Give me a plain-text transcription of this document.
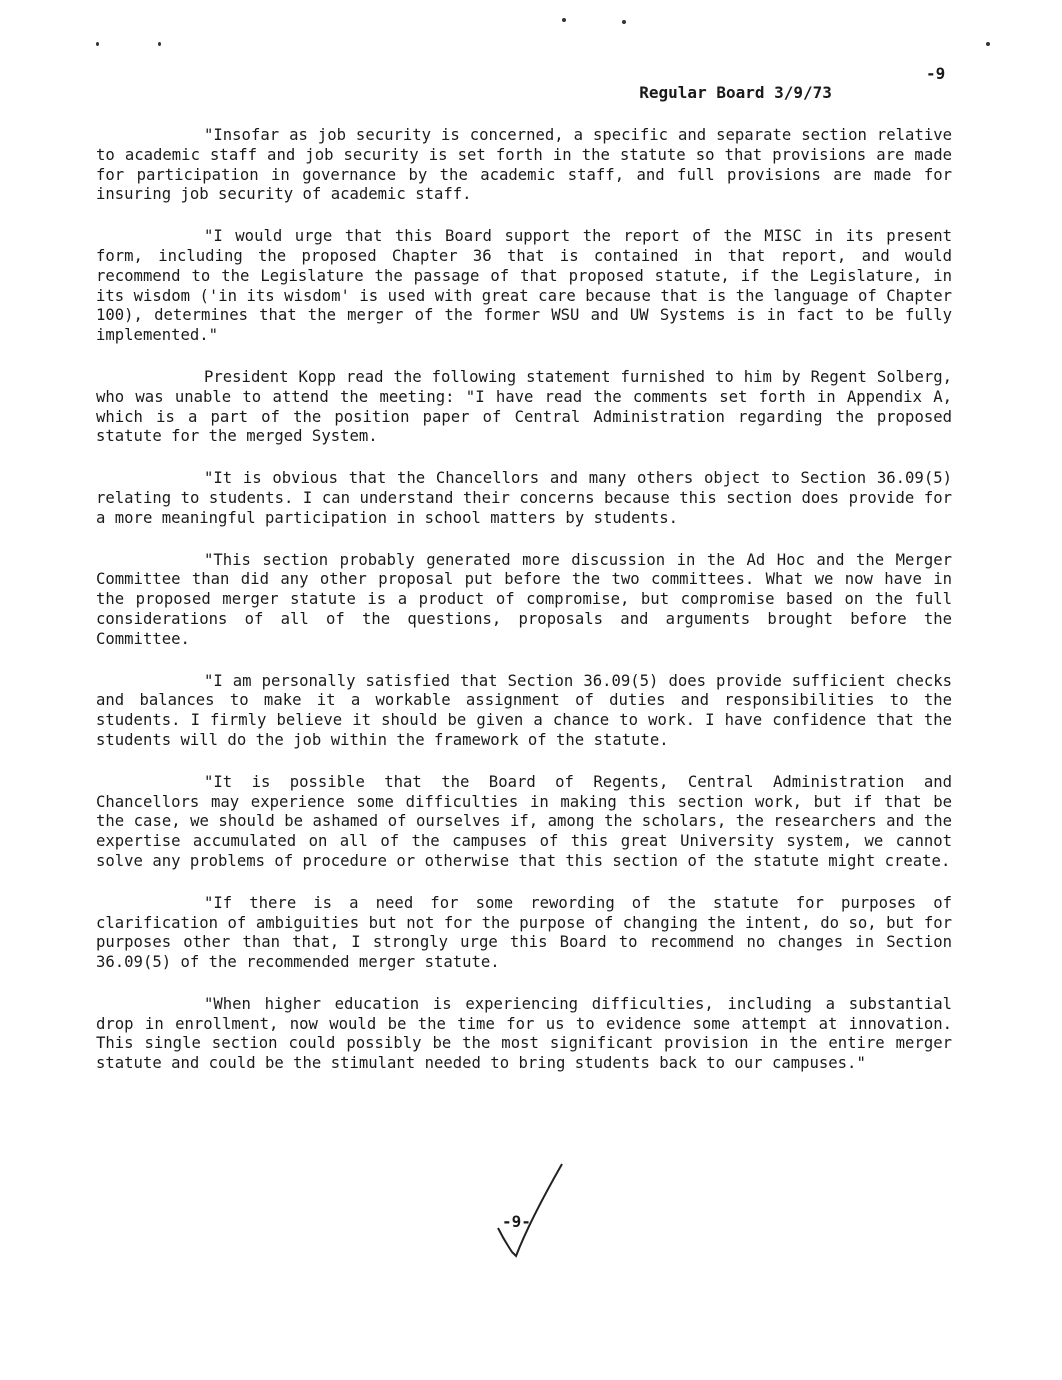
Regular Board 3/9/73

-9

"Insofar as job security is concerned, a specific and separate section relative to academic staff and job security is set forth in the statute so that provisions are made for participation in governance by the academic staff, and full provisions are made for insuring job security of academic staff.

"I would urge that this Board support the report of the MISC in its present form, including the proposed Chapter 36 that is contained in that report, and would recommend to the Legislature the passage of that proposed statute, if the Legislature, in its wisdom ('in its wisdom' is used with great care because that is the language of Chapter 100), determines that the merger of the former WSU and UW Systems is in fact to be fully implemented."

President Kopp read the following statement furnished to him by Regent Solberg, who was unable to attend the meeting: "I have read the comments set forth in Appendix A, which is a part of the position paper of Central Administration regarding the proposed statute for the merged System.

"It is obvious that the Chancellors and many others object to Section 36.09(5) relating to students. I can understand their concerns because this section does provide for a more meaningful participation in school matters by students.

"This section probably generated more discussion in the Ad Hoc and the Merger Committee than did any other proposal put before the two committees. What we now have in the proposed merger statute is a product of compromise, but compromise based on the full considerations of all of the questions, proposals and arguments brought before the Committee.

"I am personally satisfied that Section 36.09(5) does provide sufficient checks and balances to make it a workable assignment of duties and responsibilities to the students. I firmly believe it should be given a chance to work. I have confidence that the students will do the job within the framework of the statute.

"It is possible that the Board of Regents, Central Administration and Chancellors may experience some difficulties in making this section work, but if that be the case, we should be ashamed of ourselves if, among the scholars, the researchers and the expertise accumulated on all of the campuses of this great University system, we cannot solve any problems of procedure or otherwise that this section of the statute might create.

"If there is a need for some rewording of the statute for purposes of clarification of ambiguities but not for the purpose of changing the intent, do so, but for purposes other than that, I strongly urge this Board to recommend no changes in Section 36.09(5) of the recommended merger statute.

"When higher education is experiencing difficulties, including a substantial drop in enrollment, now would be the time for us to evidence some attempt at innovation. This single section could possibly be the most significant provision in the entire merger statute and could be the stimulant needed to bring students back to our campuses."

-9-
